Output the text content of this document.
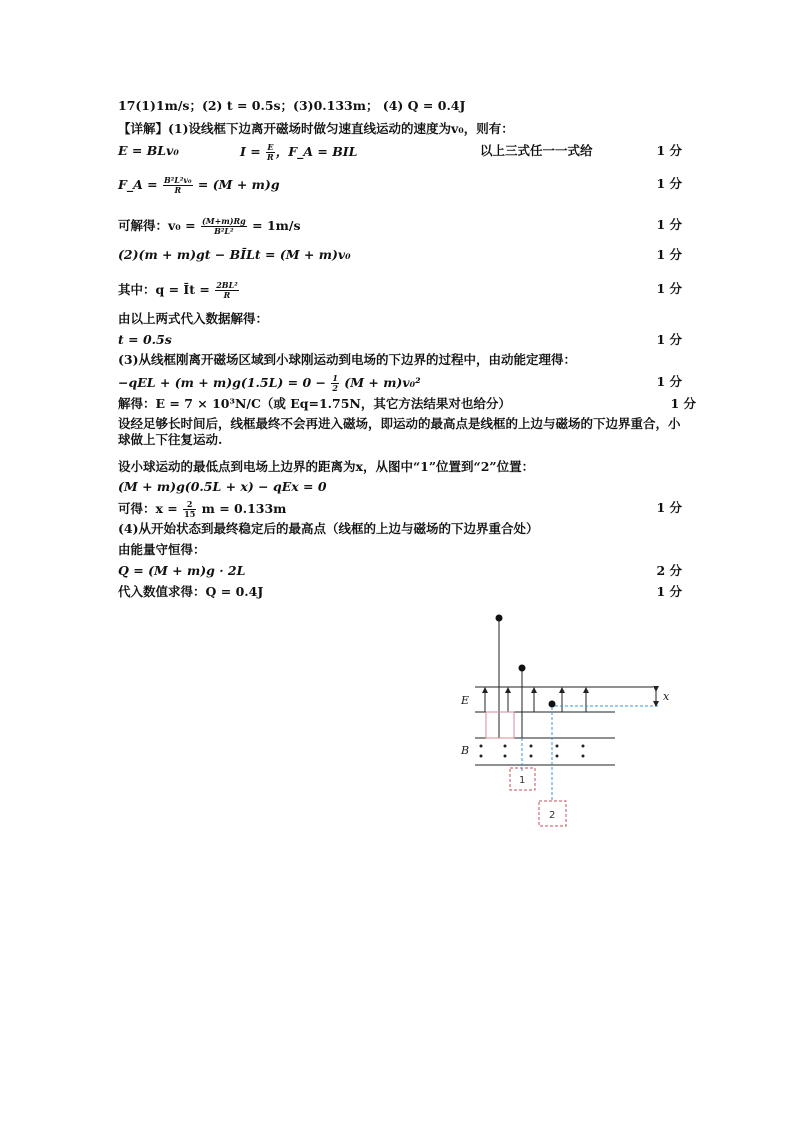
17(1)1m/s；(2) t = 0.5s；(3)0.133m； (4) Q = 0.4J
【详解】(1)设线框下边离开磁场时做匀速直线运动的速度为v₀，则有：
E = BLv₀	$I = \frac{E}{R}$ ，F_A = BIL	以上三式任一一式给	1 分
F_A = $\frac{\text{B²L²v₀}}{R} = (M + m)g$	1 分
可解得：$v_0 = \frac{(M+m)Rg}{\text{B²L²}} = 1m/s$	1 分
(2)(m + m)gt − BĪLt = (M + m)v₀	1 分
其中：q = Īt = $\frac{\text{2BL²}}{R}$	1 分
由以上两式代入数据解得：
t = 0.5s	1 分
(3)从线框刚离开磁场区域到小球刚运动到电场的下边界的过程中，由动能定理得：
$-qEL + (m + m)g(1.5L) = 0 - \frac{1}{2} (M + m)v_0^2$	1 分
解得：E = 7 × 10³N/C（或 Eq=1.75N，其它方法结果对也给分）	1 分
设经足够长时间后，线框最终不会再进入磁场，即运动的最高点是线框的上边与磁场的下边界重合，小球做上下往复运动.
设小球运动的最低点到电场上边界的距离为x，从图中“1”位置到“2”位置：
(M + m)g(0.5L + x) − qEx = 0
可得：$x = \frac{2}{15}$ m = 0.133m	1 分
(4)从开始状态到最终稳定后的最高点（线框的上边与磁场的下边界重合处）
由能量守恒得：
Q = (M + m)g · 2L	2 分
代入数值求得：Q = 0.4J	1 分
E
B
x
1
2
